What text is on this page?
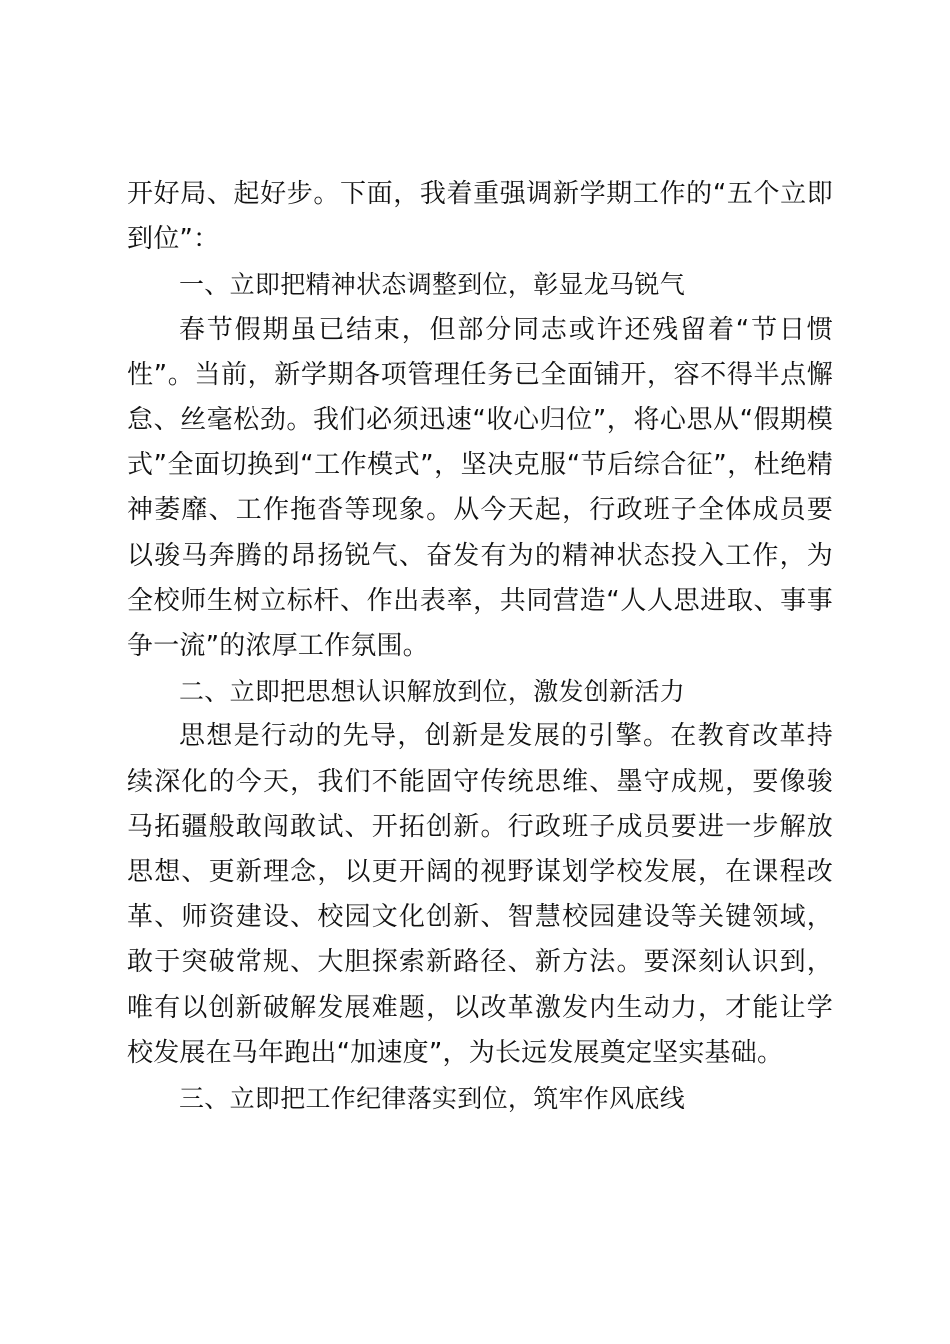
开好局、起好步。下面，我着重强调新学期工作的“五个立即到位”：

一、立即把精神状态调整到位，彰显龙马锐气

春节假期虽已结束，但部分同志或许还残留着“节日惯性”。当前，新学期各项管理任务已全面铺开，容不得半点懈怠、丝毫松劲。我们必须迅速“收心归位”，将心思从“假期模式”全面切换到“工作模式”，坚决克服“节后综合征”，杜绝精神萎靡、工作拖沓等现象。从今天起，行政班子全体成员要以骏马奔腾的昂扬锐气、奋发有为的精神状态投入工作，为全校师生树立标杆、作出表率，共同营造“人人思进取、事事争一流”的浓厚工作氛围。

二、立即把思想认识解放到位，激发创新活力

思想是行动的先导，创新是发展的引擎。在教育改革持续深化的今天，我们不能固守传统思维、墨守成规，要像骏马拓疆般敢闯敢试、开拓创新。行政班子成员要进一步解放思想、更新理念，以更开阔的视野谋划学校发展，在课程改革、师资建设、校园文化创新、智慧校园建设等关键领域，敢于突破常规、大胆探索新路径、新方法。要深刻认识到，唯有以创新破解发展难题，以改革激发内生动力，才能让学校发展在马年跑出“加速度”，为长远发展奠定坚实基础。

三、立即把工作纪律落实到位，筑牢作风底线
